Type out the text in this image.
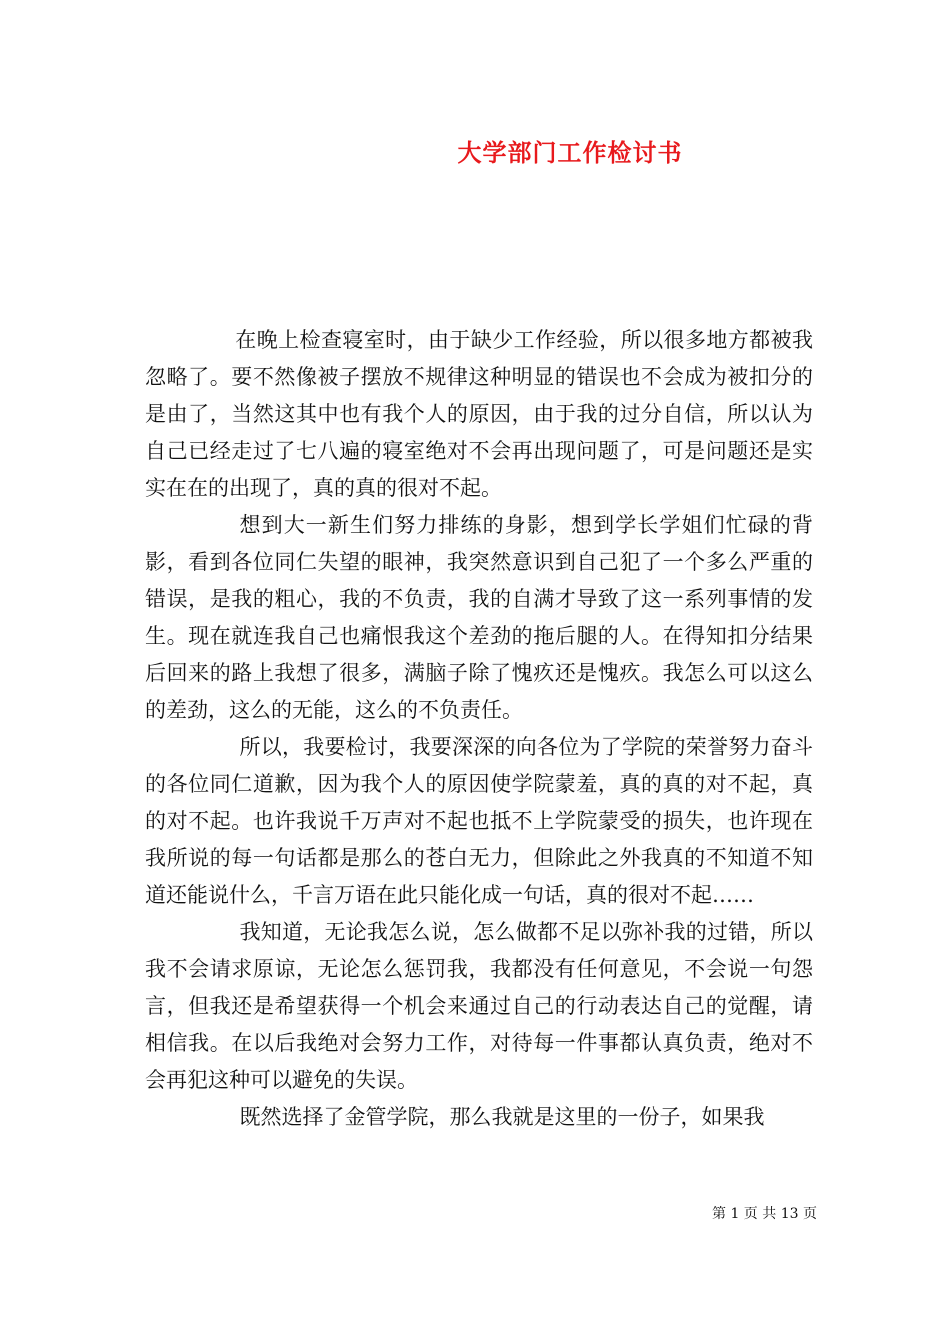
大学部门工作检讨书

在晚上检查寝室时，由于缺少工作经验，所以很多地方都被我忽略了。要不然像被子摆放不规律这种明显的错误也不会成为被扣分的是由了，当然这其中也有我个人的原因，由于我的过分自信，所以认为自己已经走过了七八遍的寝室绝对不会再出现问题了，可是问题还是实实在在的出现了，真的真的很对不起。

想到大一新生们努力排练的身影，想到学长学姐们忙碌的背影，看到各位同仁失望的眼神，我突然意识到自己犯了一个多么严重的错误，是我的粗心，我的不负责，我的自满才导致了这一系列事情的发生。现在就连我自己也痛恨我这个差劲的拖后腿的人。在得知扣分结果后回来的路上我想了很多，满脑子除了愧疚还是愧疚。我怎么可以这么的差劲，这么的无能，这么的不负责任。

所以，我要检讨，我要深深的向各位为了学院的荣誉努力奋斗的各位同仁道歉，因为我个人的原因使学院蒙羞，真的真的对不起，真的对不起。也许我说千万声对不起也抵不上学院蒙受的损失，也许现在我所说的每一句话都是那么的苍白无力，但除此之外我真的不知道不知道还能说什么，千言万语在此只能化成一句话，真的很对不起……

我知道，无论我怎么说，怎么做都不足以弥补我的过错，所以我不会请求原谅，无论怎么惩罚我，我都没有任何意见，不会说一句怨言，但我还是希望获得一个机会来通过自己的行动表达自己的觉醒，请相信我。在以后我绝对会努力工作，对待每一件事都认真负责，绝对不会再犯这种可以避免的失误。

既然选择了金管学院，那么我就是这里的一份子，如果我

第 1 页 共 13 页
